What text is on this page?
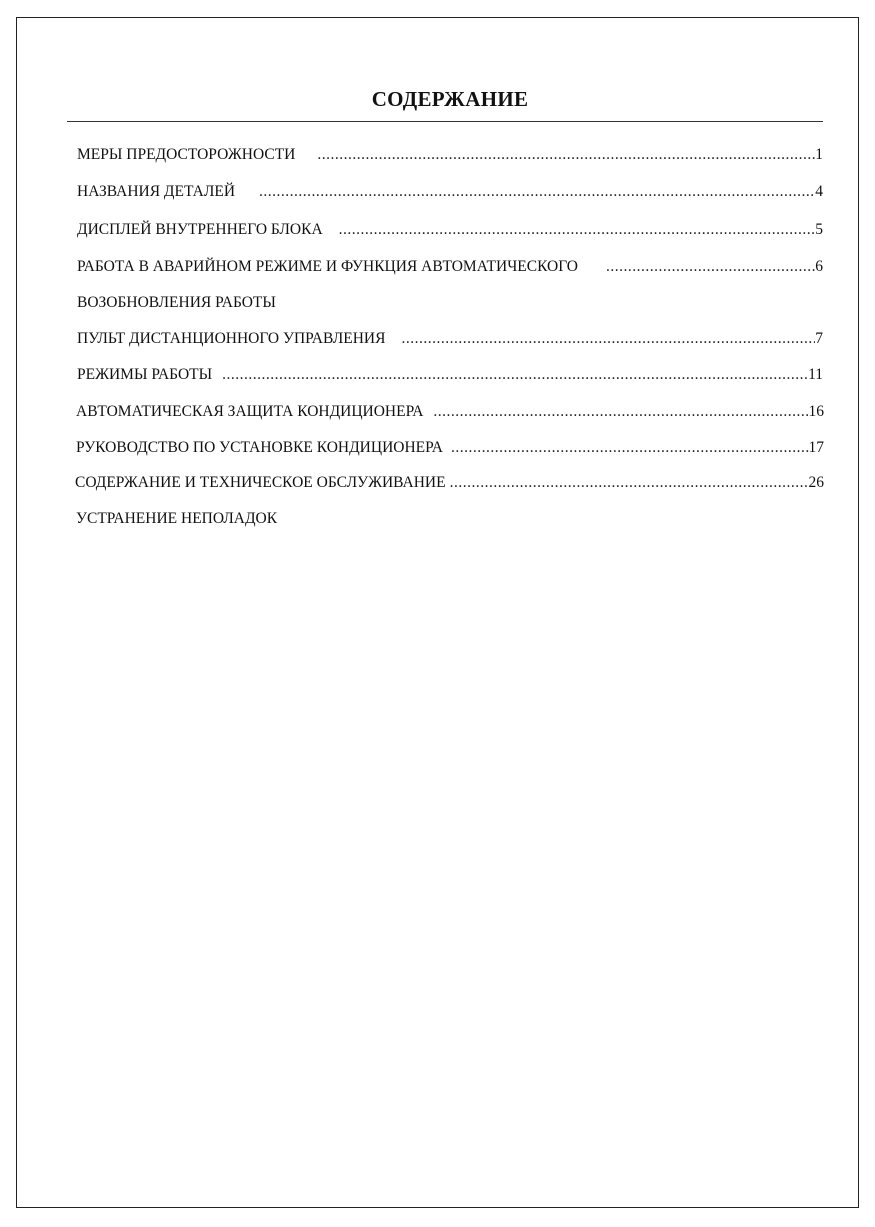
СОДЕРЖАНИЕ
МЕРЫ ПРЕДОСТОРОЖНОСТИ .....	1
НАЗВАНИЯ ДЕТАЛЕЙ .....	4
ДИСПЛЕЙ ВНУТРЕННЕГО БЛОКА .....	5
РАБОТА В АВАРИЙНОМ РЕЖИМЕ И ФУНКЦИЯ АВТОМАТИЧЕСКОГО .....	6
ВОЗОБНОВЛЕНИЯ РАБОТЫ
ПУЛЬТ ДИСТАНЦИОННОГО УПРАВЛЕНИЯ .....	7
РЕЖИМЫ РАБОТЫ .....	11
АВТОМАТИЧЕСКАЯ ЗАЩИТА КОНДИЦИОНЕРА .....	16
РУКОВОДСТВО ПО УСТАНОВКЕ КОНДИЦИОНЕРА .....	17
СОДЕРЖАНИЕ И ТЕХНИЧЕСКОЕ ОБСЛУЖИВАНИЕ .....	26
УСТРАНЕНИЕ НЕПОЛАДОК
